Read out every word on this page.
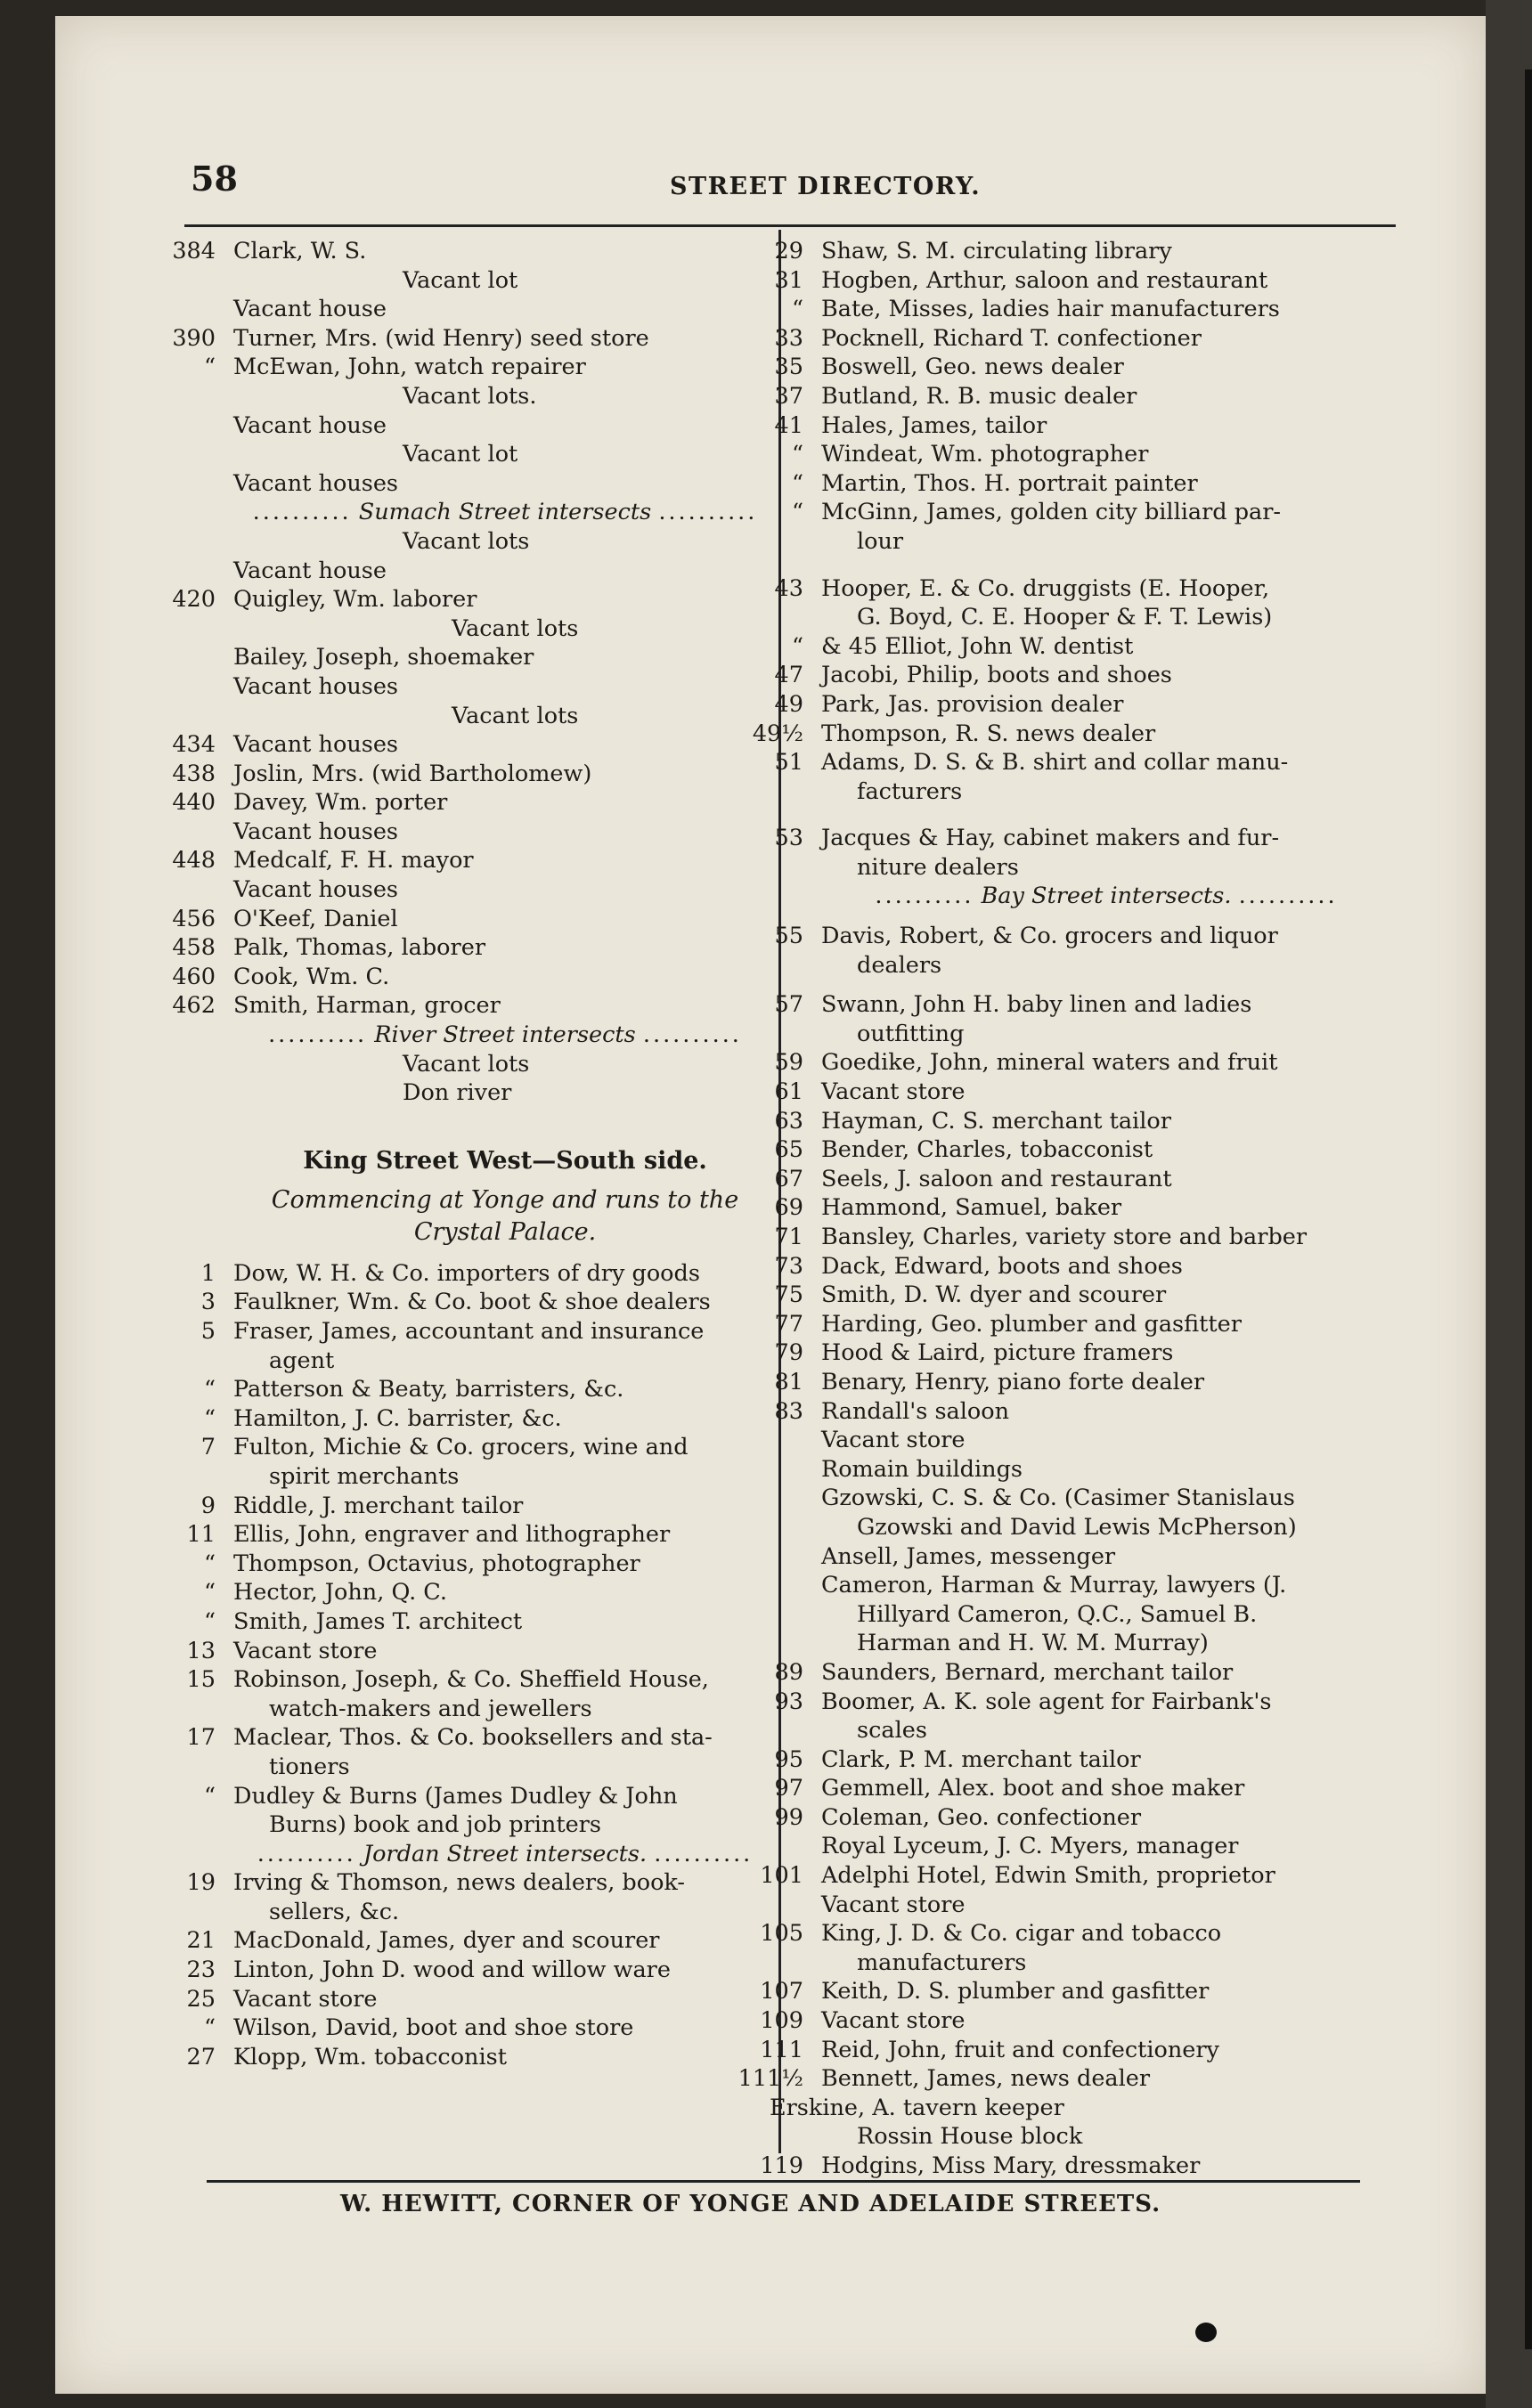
58	STREET DIRECTORY.
384 Clark, W. S.
Vacant lot
Vacant house
390 Turner, Mrs. (wid Henry) seed store
“ McEwan, John, watch repairer
Vacant lots.
Vacant house
Vacant lot
Vacant houses
.......... Sumach Street intersects ..........
Vacant lots
Vacant house
420 Quigley, Wm. laborer
Vacant lots
Bailey, Joseph, shoemaker
Vacant houses
Vacant lots
434 Vacant houses
438 Joslin, Mrs. (wid Bartholomew)
440 Davey, Wm. porter
Vacant houses
448 Medcalf, F. H. mayor
Vacant houses
456 O'Keef, Daniel
458 Palk, Thomas, laborer
460 Cook, Wm. C.
462 Smith, Harman, grocer
.......... River Street intersects ..........
Vacant lots
Don river
King Street West—South side.
Commencing at Yonge and runs to the
Crystal Palace.
1 Dow, W. H. & Co. importers of dry goods
3 Faulkner, Wm. & Co. boot & shoe dealers
5 Fraser, James, accountant and insurance
agent
“ Patterson & Beaty, barristers, &c.
“ Hamilton, J. C. barrister, &c.
7 Fulton, Michie & Co. grocers, wine and
spirit merchants
9 Riddle, J. merchant tailor
11 Ellis, John, engraver and lithographer
“ Thompson, Octavius, photographer
“ Hector, John, Q. C.
“ Smith, James T. architect
13 Vacant store
15 Robinson, Joseph, & Co. Sheffield House,
watch-makers and jewellers
17 Maclear, Thos. & Co. booksellers and sta-
tioners
“ Dudley & Burns (James Dudley & John
Burns) book and job printers
.......... Jordan Street intersects. ..........
19 Irving & Thomson, news dealers, book-
sellers, &c.
21 MacDonald, James, dyer and scourer
23 Linton, John D. wood and willow ware
25 Vacant store
“ Wilson, David, boot and shoe store
27 Klopp, Wm. tobacconist
29 Shaw, S. M. circulating library
31 Hogben, Arthur, saloon and restaurant
“ Bate, Misses, ladies hair manufacturers
33 Pocknell, Richard T. confectioner
35 Boswell, Geo. news dealer
37 Butland, R. B. music dealer
41 Hales, James, tailor
“ Windeat, Wm. photographer
“ Martin, Thos. H. portrait painter
“ McGinn, James, golden city billiard par-
lour
43 Hooper, E. & Co. druggists (E. Hooper,
G. Boyd, C. E. Hooper & F. T. Lewis)
“ & 45 Elliot, John W. dentist
47 Jacobi, Philip, boots and shoes
49 Park, Jas. provision dealer
49½ Thompson, R. S. news dealer
51 Adams, D. S. & B. shirt and collar manu-
facturers
53 Jacques & Hay, cabinet makers and fur-
niture dealers
.......... Bay Street intersects. ..........
55 Davis, Robert, & Co. grocers and liquor
dealers
57 Swann, John H. baby linen and ladies
outfitting
59 Goedike, John, mineral waters and fruit
61 Vacant store
63 Hayman, C. S. merchant tailor
65 Bender, Charles, tobacconist
67 Seels, J. saloon and restaurant
69 Hammond, Samuel, baker
71 Bansley, Charles, variety store and barber
73 Dack, Edward, boots and shoes
75 Smith, D. W. dyer and scourer
77 Harding, Geo. plumber and gasfitter
79 Hood & Laird, picture framers
81 Benary, Henry, piano forte dealer
83 Randall's saloon
Vacant store
Romain buildings
Gzowski, C. S. & Co. (Casimer Stanislaus
Gzowski and David Lewis McPherson)
Ansell, James, messenger
Cameron, Harman & Murray, lawyers (J.
Hillyard Cameron, Q.C., Samuel B.
Harman and H. W. M. Murray)
89 Saunders, Bernard, merchant tailor
93 Boomer, A. K. sole agent for Fairbank's
scales
95 Clark, P. M. merchant tailor
97 Gemmell, Alex. boot and shoe maker
99 Coleman, Geo. confectioner
Royal Lyceum, J. C. Myers, manager
101 Adelphi Hotel, Edwin Smith, proprietor
Vacant store
105 King, J. D. & Co. cigar and tobacco
manufacturers
107 Keith, D. S. plumber and gasfitter
109 Vacant store
111 Reid, John, fruit and confectionery
111½ Bennett, James, news dealer
Erskine, A. tavern keeper
Rossin House block
119 Hodgins, Miss Mary, dressmaker
W. HEWITT, CORNER OF YONGE AND ADELAIDE STREETS.
